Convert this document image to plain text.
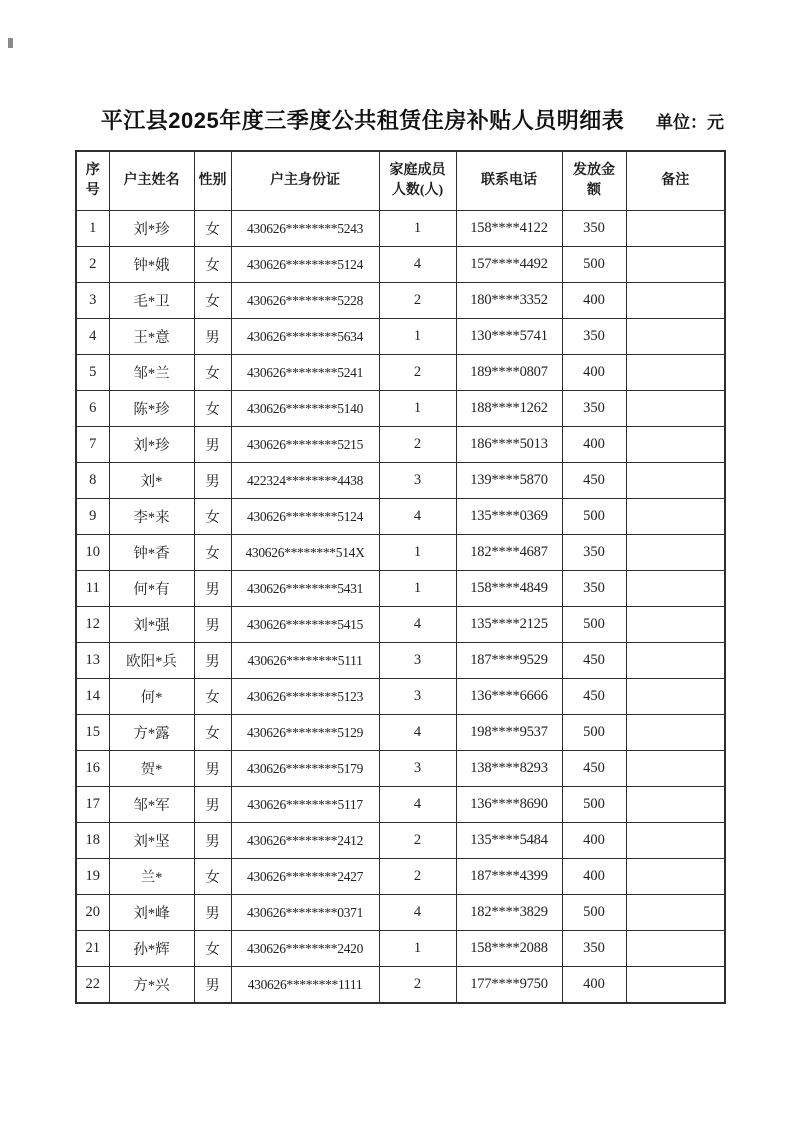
平江县2025年度三季度公共租赁住房补贴人员明细表	单位：元
序号	户主姓名	性别	户主身份证	家庭成员人数(人)	联系电话	发放金额	备注
1	刘*珍	女	430626********5243	1	158****4122	350	
2	钟*娥	女	430626********5124	4	157****4492	500	
3	毛*卫	女	430626********5228	2	180****3352	400	
4	王*意	男	430626********5634	1	130****5741	350	
5	邹*兰	女	430626********5241	2	189****0807	400	
6	陈*珍	女	430626********5140	1	188****1262	350	
7	刘*珍	男	430626********5215	2	186****5013	400	
8	刘*	男	422324********4438	3	139****5870	450	
9	李*来	女	430626********5124	4	135****0369	500	
10	钟*香	女	430626********514X	1	182****4687	350	
11	何*有	男	430626********5431	1	158****4849	350	
12	刘*强	男	430626********5415	4	135****2125	500	
13	欧阳*兵	男	430626********5111	3	187****9529	450	
14	何*	女	430626********5123	3	136****6666	450	
15	方*露	女	430626********5129	4	198****9537	500	
16	贺*	男	430626********5179	3	138****8293	450	
17	邹*军	男	430626********5117	4	136****8690	500	
18	刘*坚	男	430626********2412	2	135****5484	400	
19	兰*	女	430626********2427	2	187****4399	400	
20	刘*峰	男	430626********0371	4	182****3829	500	
21	孙*辉	女	430626********2420	1	158****2088	350	
22	方*兴	男	430626********1111	2	177****9750	400	
